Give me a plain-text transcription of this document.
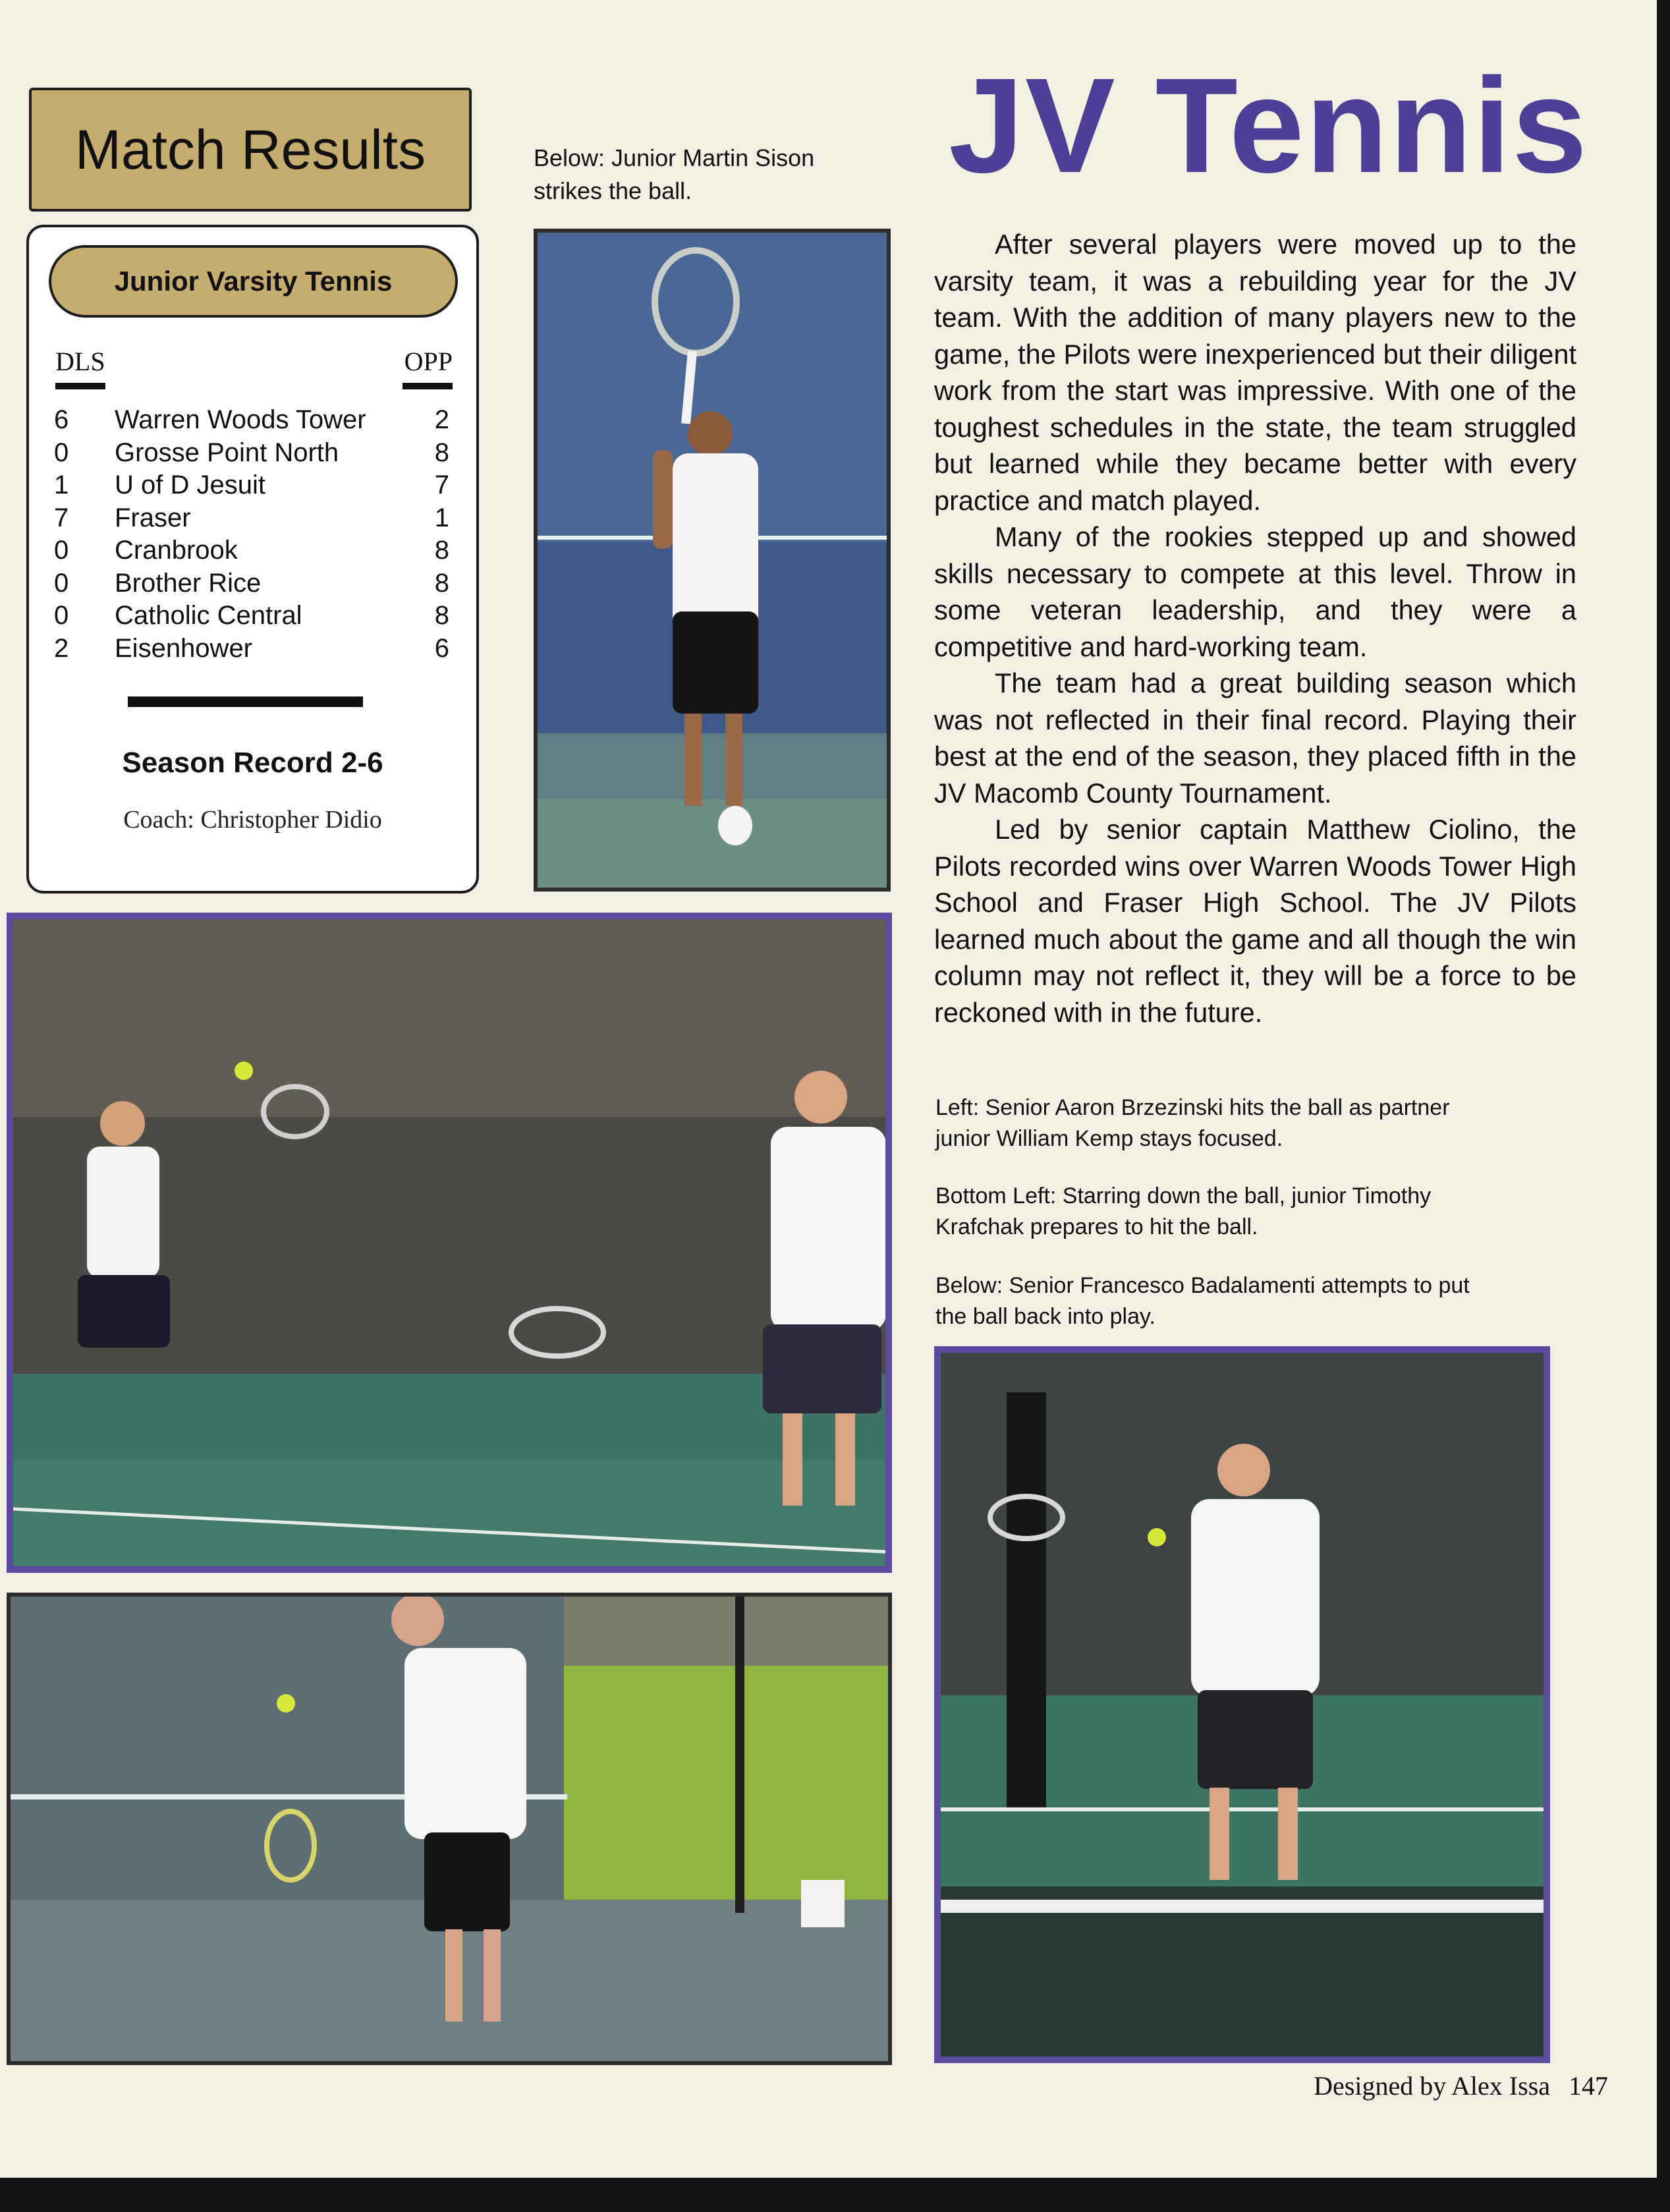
Match Results
Junior Varsity Tennis
DLS	OPP
6 Warren Woods Tower	2
0 Grosse Point North	8
1 U of D Jesuit	7
7 Fraser	1
0 Cranbrook	8
0 Brother Rice	8
0 Catholic Central	8
2 Eisenhower	6
Season Record 2-6
Coach: Christopher Didio
Below: Junior Martin Sison
strikes the ball.	JV Tennis

After several players were moved up to the varsity team, it was a rebuilding year for the JV team. With the addition of many players new to the game, the Pilots were inexperienced but their diligent work from the start was impressive. With one of the toughest schedules in the state, the team struggled but learned while they became better with every practice and match played.

Many of the rookies stepped up and showed skills necessary to compete at this level. Throw in some veteran leadership, and they were a competitive and hard-working team.

The team had a great building season which was not reflected in their final record. Playing their best at the end of the season, they placed fifth in the JV Macomb County Tournament.

Led by senior captain Matthew Ciolino, the Pilots recorded wins over Warren Woods Tower High School and Fraser High School. The JV Pilots learned much about the game and all though the win column may not reflect it, they will be a force to be reckoned with in the future.

Left: Senior Aaron Brzezinski hits the ball as partner
junior William Kemp stays focused.
Bottom Left: Starring down the ball, junior Timothy
Krafchak prepares to hit the ball.
Below: Senior Francesco Badalamenti attempts to put
the ball back into play.
Designed by Alex Issa 147
